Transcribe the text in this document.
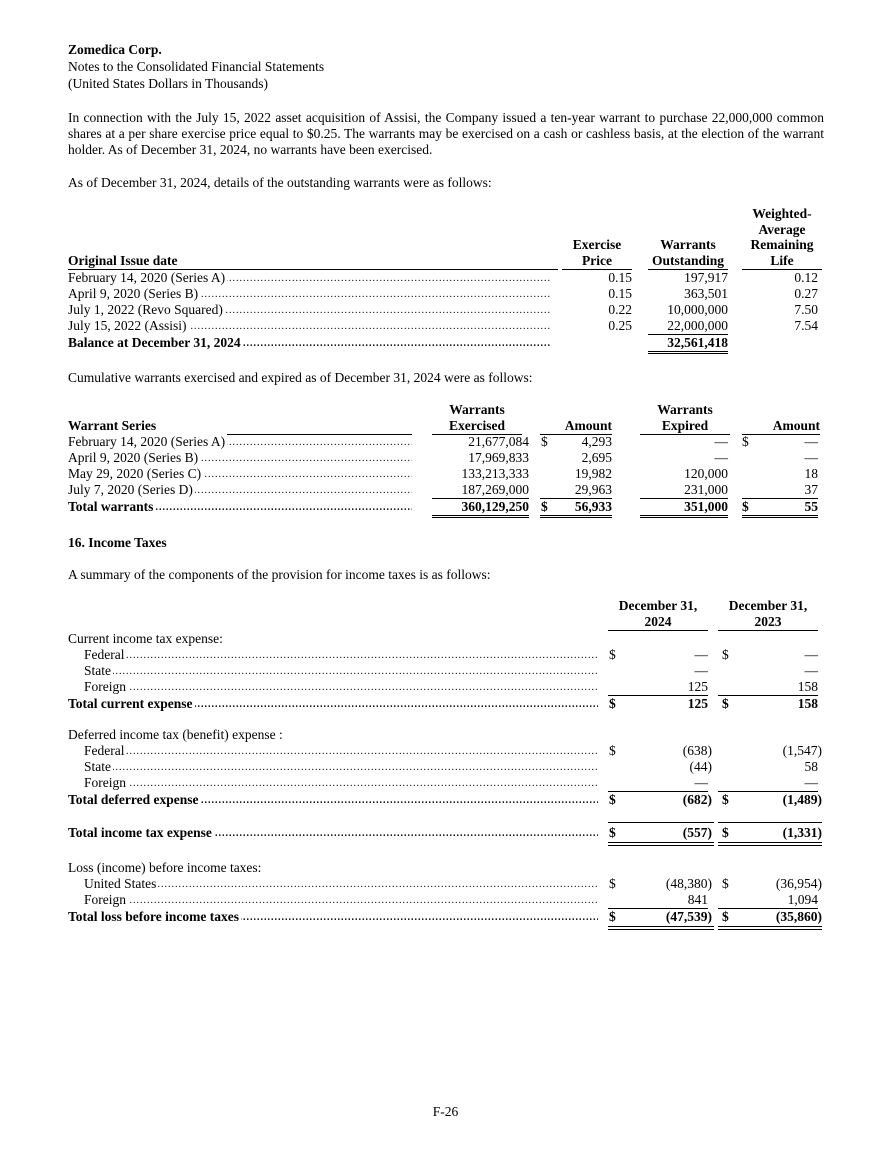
Zomedica Corp.
Notes to the Consolidated Financial Statements
(United States Dollars in Thousands)
In connection with the July 15, 2022 asset acquisition of Assisi, the Company issued a ten-year warrant to purchase 22,000,000 common shares at a per share exercise price equal to $0.25. The warrants may be exercised on a cash or cashless basis, at the election of the warrant holder. As of December 31, 2024, no warrants have been exercised.
As of December 31, 2024, details of the outstanding warrants were as follows:
Weighted-
Average
Exercise	Warrants	Remaining
Original Issue date	Price	Outstanding	Life
February 14, 2020 (Series A) .....	0.15	197,917	0.12
April 9, 2020 (Series B) .....	0.15	363,501	0.27
July 1, 2022 (Revo Squared) .....	0.22	10,000,000	7.50
July 15, 2022 (Assisi) .....	0.25	22,000,000	7.54
Balance at December 31, 2024 .....	32,561,418
Cumulative warrants exercised and expired as of December 31, 2024 were as follows:
Warrants	Warrants
Warrant Series	Exercised	Amount	Expired	Amount
February 14, 2020 (Series A) .....	21,677,084 $	4,293	— $	—
April 9, 2020 (Series B) .....	17,969,833	2,695	—	—
May 29, 2020 (Series C) .....	133,213,333	19,982	120,000	18
July 7, 2020 (Series D) .....	187,269,000	29,963	231,000	37
Total warrants .....	360,129,250 $	56,933	351,000 $	55
16. Income Taxes
A summary of the components of the provision for income taxes is as follows:
December 31,	December 31,
2024	2023
Current income tax expense:
Federal .....	$	— $	—
State .....	—	—
Foreign .....	125	158
Total current expense .....	$	125 $	158
Deferred income tax (benefit) expense :
Federal .....	$	(638)	(1,547)
State .....	(44)	58
Foreign .....	—	—
Total deferred expense .....	$	(682) $	(1,489)
Total income tax expense .....	$	(557) $	(1,331)
Loss (income) before income taxes:
United States .....	$	(48,380) $	(36,954)
Foreign .....	841	1,094
Total loss before income taxes .....	$	(47,539) $	(35,860)
F-26
